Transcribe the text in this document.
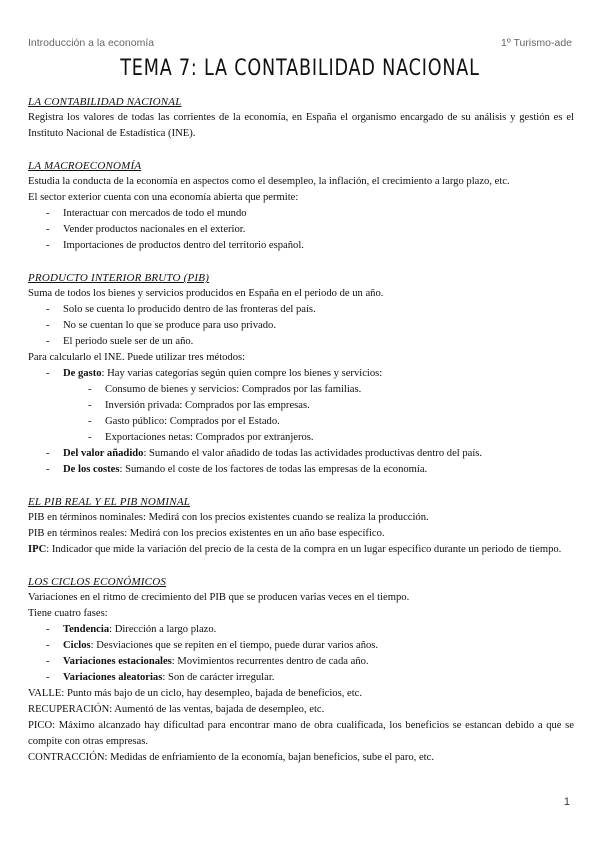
Introducción a la economía	1º Turismo-ade
TEMA 7: LA CONTABILIDAD NACIONAL

LA CONTABILIDAD NACIONAL

Registra los valores de todas las corrientes de la economía, en España el organismo encargado de su análisis y gestión es el Instituto Nacional de Estadística (INE).

LA MACROECONOMÍA

Estudia la conducta de la economía en aspectos como el desempleo, la inflación, el crecimiento a largo plazo, etc.

El sector exterior cuenta con una economía abierta que permite:

- Interactuar con mercados de todo el mundo
- Vender productos nacionales en el exterior.
- Importaciones de productos dentro del territorio español.

PRODUCTO INTERIOR BRUTO (PIB)

Suma de todos los bienes y servicios producidos en España en el periodo de un año.

- Solo se cuenta lo producido dentro de las fronteras del país.
- No se cuentan lo que se produce para uso privado.
- El periodo suele ser de un año.

Para calcularlo el INE. Puede utilizar tres métodos:

- De gasto: Hay varias categorías según quien compre los bienes y servicios:
- Consumo de bienes y servicios: Comprados por las familias.
- Inversión privada: Comprados por las empresas.
- Gasto público: Comprados por el Estado.
- Exportaciones netas: Comprados por extranjeros.
- Del valor añadido: Sumando el valor añadido de todas las actividades productivas dentro del país.
- De los costes: Sumando el coste de los factores de todas las empresas de la economía.

EL PIB REAL Y EL PIB NOMINAL

PIB en términos nominales: Medirá con los precios existentes cuando se realiza la producción.

PIB en términos reales: Medirá con los precios existentes en un año base específico.

IPC: Indicador que mide la variación del precio de la cesta de la compra en un lugar específico durante un periodo de tiempo.

LOS CICLOS ECONÓMICOS

Variaciones en el ritmo de crecimiento del PIB que se producen varias veces en el tiempo.

Tiene cuatro fases:

- Tendencia: Dirección a largo plazo.
- Ciclos: Desviaciones que se repiten en el tiempo, puede durar varios años.
- Variaciones estacionales: Movimientos recurrentes dentro de cada año.
- Variaciones aleatorias: Son de carácter irregular.

VALLE: Punto más bajo de un ciclo, hay desempleo, bajada de beneficios, etc.

RECUPERACIÓN: Aumentó de las ventas, bajada de desempleo, etc.

PICO: Máximo alcanzado hay dificultad para encontrar mano de obra cualificada, los beneficios se estancan debido a que se compite con otras empresas.

CONTRACCIÓN: Medidas de enfriamiento de la economía, bajan beneficios, sube el paro, etc.

1
